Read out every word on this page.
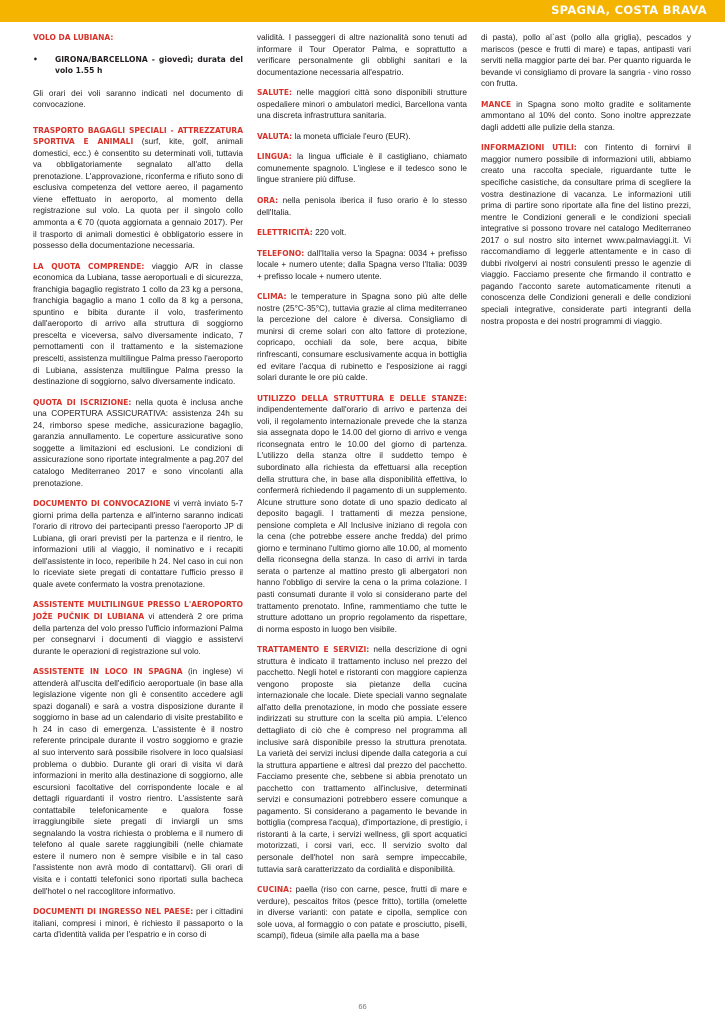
SPAGNA, COSTA BRAVA
VOLO DA LUBIANA:
•	GIRONA/BARCELLONA - giovedì; durata del volo 1.55 h

Gli orari dei voli saranno indicati nel documento di convocazione.

TRASPORTO BAGAGLI SPECIALI - ATTREZZATURA SPORTIVA E ANIMALI (surf, kite, golf, animali domestici, ecc.) è consentito su determinati voli, tuttavia va obbligatoriamente segnalato all'atto della prenotazione. L'approvazione, riconferma e rifiuto sono di esclusiva competenza del vettore aereo, il pagamento viene effettuato in aeroporto, al momento della registrazione sul volo. La quota per il singolo collo ammonta a € 70 (quota aggiornata a gennaio 2017). Per il trasporto di animali domestici è obbligatorio essere in possesso della documentazione necessaria.

LA QUOTA COMPRENDE: viaggio A/R in classe economica da Lubiana, tasse aeroportuali e di sicurezza, franchigia bagaglio registrato 1 collo da 23 kg a persona, franchigia bagaglio a mano 1 collo da 8 kg a persona, spuntino e bibita durante il volo, trasferimento dall'aeroporto di arrivo alla struttura di soggiorno prescelta e viceversa, salvo diversamente indicato, 7 pernottamenti con il trattamento e la sistemazione prescelti, assistenza multilingue Palma presso l'aeroporto di Lubiana, assistenza multilingue Palma presso la destinazione di soggiorno, salvo diversamente indicato.

QUOTA DI ISCRIZIONE: nella quota è inclusa anche una COPERTURA ASSICURATIVA: assistenza 24h su 24, rimborso spese mediche, assicurazione bagaglio, garanzia annullamento. Le coperture assicurative sono soggette a limitazioni ed esclusioni. Le condizioni di assicurazione sono riportate integralmente a pag.207 del catalogo Mediterraneo 2017 e sono vincolanti alla prenotazione.

DOCUMENTO DI CONVOCAZIONE vi verrà inviato 5-7 giorni prima della partenza e all'interno saranno indicati l'orario di ritrovo dei partecipanti presso l'aeroporto JP di Lubiana, gli orari previsti per la partenza e il rientro, le informazioni utili al viaggio, il nominativo e i recapiti dell'assistente in loco, reperibile h 24. Nel caso in cui non lo riceviate siete pregati di contattare l'ufficio presso il quale avete confermato la vostra prenotazione.

ASSISTENTE MULTILINGUE PRESSO L'AEROPORTO JOŽE PUČNIK DI LUBIANA vi attenderà 2 ore prima della partenza del volo presso l'ufficio informazioni Palma per consegnarvi i documenti di viaggio e assistervi durante le operazioni di registrazione sul volo.

ASSISTENTE IN LOCO IN SPAGNA (in inglese) vi attenderà all'uscita dell'edificio aeroportuale (in base alla legislazione vigente non gli è consentito accedere agli spazi doganali) e sarà a vostra disposizione durante il soggiorno in base ad un calendario di visite prestabilito e h 24 in caso di emergenza. L'assistente è il nostro referente principale durante il vostro soggiorno e grazie al suo intervento sarà possibile risolvere in loco qualsiasi problema o dubbio. Durante gli orari di visita vi darà informazioni in merito alla destinazione di soggiorno, alle escursioni facoltative del corrispondente locale e al dettagli riguardanti il vostro rientro. L'assistente sarà contattabile telefonicamente e qualora fosse irraggiungibile siete pregati di inviargli un sms segnalando la vostra richiesta o problema e il numero di telefono al quale sarete raggiungibili (nelle chiamate estere il numero non è sempre visibile e in tal caso l'assistente non avrà modo di contattarvi). Gli orari di visita e i contatti telefonici sono riportati sulla bacheca dell'hotel o nel raccoglitore informativo.

DOCUMENTI DI INGRESSO NEL PAESE: per i cittadini italiani, compresi i minori, è richiesto il passaporto o la carta d'identità valida per l'espatrio e in corso di

validità. I passeggeri di altre nazionalità sono tenuti ad informare il Tour Operator Palma, e soprattutto a verificare personalmente gli obblighi sanitari e la documentazione necessaria all'espatrio.

SALUTE: nelle maggiori città sono disponibili strutture ospedaliere minori o ambulatori medici, Barcellona vanta una discreta infrastruttura sanitaria.

VALUTA: la moneta ufficiale l'euro (EUR).

LINGUA: la lingua ufficiale è il castigliano, chiamato comunemente spagnolo. L'inglese e il tedesco sono le lingue straniere più diffuse.

ORA: nella penisola iberica il fuso orario è lo stesso dell'Italia.

ELETTRICITÀ: 220 volt.

TELEFONO: dall'Italia verso la Spagna: 0034 + prefisso locale + numero utente; dalla Spagna verso l'Italia: 0039 + prefisso locale + numero utente.

CLIMA: le temperature in Spagna sono più alte delle nostre (25°C-35°C), tuttavia grazie al clima mediterraneo la percezione del calore è diversa. Consigliamo di munirsi di creme solari con alto fattore di protezione, copricapo, occhiali da sole, bere acqua, bibite rinfrescanti, consumare esclusivamente acqua in bottiglia ed evitare l'acqua di rubinetto e l'esposizione ai raggi solari durante le ore più calde.

UTILIZZO DELLA STRUTTURA E DELLE STANZE: indipendentemente dall'orario di arrivo e partenza dei voli, il regolamento internazionale prevede che la stanza sia assegnata dopo le 14.00 del giorno di arrivo e venga riconsegnata entro le 10.00 del giorno di partenza. L'utilizzo della stanza oltre il suddetto tempo è subordinato alla richiesta da effettuarsi alla reception della struttura che, in base alla disponibilità effettiva, lo confermerà richiedendo il pagamento di un supplemento. Alcune strutture sono dotate di uno spazio dedicato al deposito bagagli. I trattamenti di mezza pensione, pensione completa e All Inclusive iniziano di regola con la cena (che potrebbe essere anche fredda) del primo giorno e terminano l'ultimo giorno alle 10.00, al momento della riconsegna della stanza. In caso di arrivi in tarda serata o partenze al mattino presto gli albergatori non hanno l'obbligo di servire la cena o la prima colazione. I pasti consumati durante il volo si considerano parte del trattamento prenotato. Infine, rammentiamo che tutte le strutture adottano un proprio regolamento da rispettare, di norma esposto in luogo ben visibile.

TRATTAMENTO E SERVIZI: nella descrizione di ogni struttura è indicato il trattamento incluso nel prezzo del pacchetto. Negli hotel e ristoranti con maggiore capienza vengono proposte sia pietanze della cucina internazionale che locale. Diete speciali vanno segnalate all'atto della prenotazione, in modo che possiate essere indirizzati su strutture con la scelta più ampia. L'elenco dettagliato di ciò che è compreso nel programma all inclusive sarà disponibile presso la struttura prenotata. La varietà dei servizi inclusi dipende dalla categoria a cui la struttura appartiene e altresì dal prezzo del pacchetto. Facciamo presente che, sebbene si abbia prenotato un pacchetto con trattamento all'inclusive, determinati servizi e consumazioni potrebbero essere comunque a pagamento. Si considerano a pagamento le bevande in bottiglia (compresa l'acqua), d'importazione, di prestigio, i ristoranti à la carte, i servizi wellness, gli sport acquatici motorizzati, i corsi vari, ecc. Il servizio svolto dal personale dell'hotel non sarà sempre impeccabile, tuttavia sarà caratterizzato da cordialità e disponibilità.

CUCINA: paella (riso con carne, pesce, frutti di mare e verdure), pescaitos fritos (pesce fritto), tortilla (omelette in diverse varianti: con patate e cipolla, semplice con sole uova, al formaggio o con patate e prosciutto, piselli, scampi), fideua (simile alla paella ma a base

di pasta), pollo al`ast (pollo alla griglia), pescados y mariscos (pesce e frutti di mare) e tapas, antipasti vari serviti nella maggior parte dei bar. Per quanto riguarda le bevande vi consigliamo di provare la sangria - vino rosso con frutta.

MANCE in Spagna sono molto gradite e solitamente ammontano al 10% del conto. Sono inoltre apprezzate dagli addetti alle pulizie della stanza.

INFORMAZIONI UTILI: con l'intento di fornirvi il maggior numero possibile di informazioni utili, abbiamo creato una raccolta speciale, riguardante tutte le specifiche casistiche, da consultare prima di scegliere la vostra destinazione di vacanza. Le informazioni utili prima di partire sono riportate alla fine del listino prezzi, mentre le Condizioni generali e le condizioni speciali integrative si possono trovare nel catalogo Mediterraneo 2017 o sul nostro sito internet www.palmaviaggi.it. Vi raccomandiamo di leggerle attentamente e in caso di dubbi rivolgervi ai nostri consulenti presso le agenzie di viaggio. Facciamo presente che firmando il contratto e pagando l'acconto sarete automaticamente ritenuti a conoscenza delle Condizioni generali e delle condizioni speciali integrative, considerate parti integranti della nostra proposta e dei nostri programmi di viaggio.

66
